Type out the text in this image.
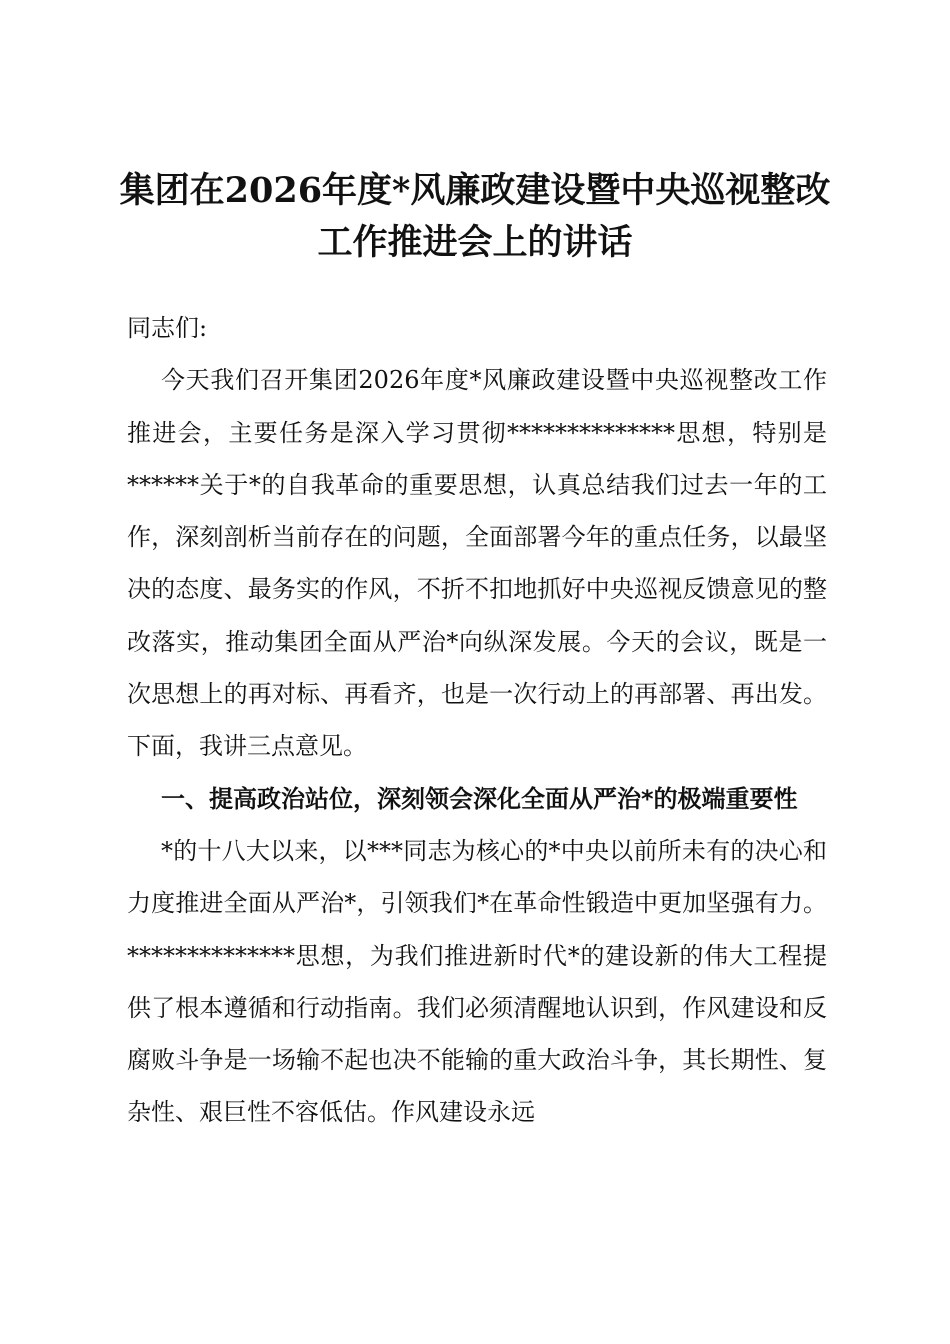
集团在2026年度*风廉政建设暨中央巡视整改
工作推进会上的讲话

同志们:

今天我们召开集团2026年度*风廉政建设暨中央巡视整改工作推进会，主要任务是深入学习贯彻**************思想，特别是******关于*的自我革命的重要思想，认真总结我们过去一年的工作，深刻剖析当前存在的问题，全面部署今年的重点任务，以最坚决的态度、最务实的作风，不折不扣地抓好中央巡视反馈意见的整改落实，推动集团全面从严治*向纵深发展。今天的会议，既是一次思想上的再对标、再看齐，也是一次行动上的再部署、再出发。下面，我讲三点意见。

一、提高政治站位，深刻领会深化全面从严治*的极端重要性

*的十八大以来，以***同志为核心的*中央以前所未有的决心和力度推进全面从严治*，引领我们*在革命性锻造中更加坚强有力。**************思想，为我们推进新时代*的建设新的伟大工程提供了根本遵循和行动指南。我们必须清醒地认识到，作风建设和反腐败斗争是一场输不起也决不能输的重大政治斗争，其长期性、复杂性、艰巨性不容低估。作风建设永远
